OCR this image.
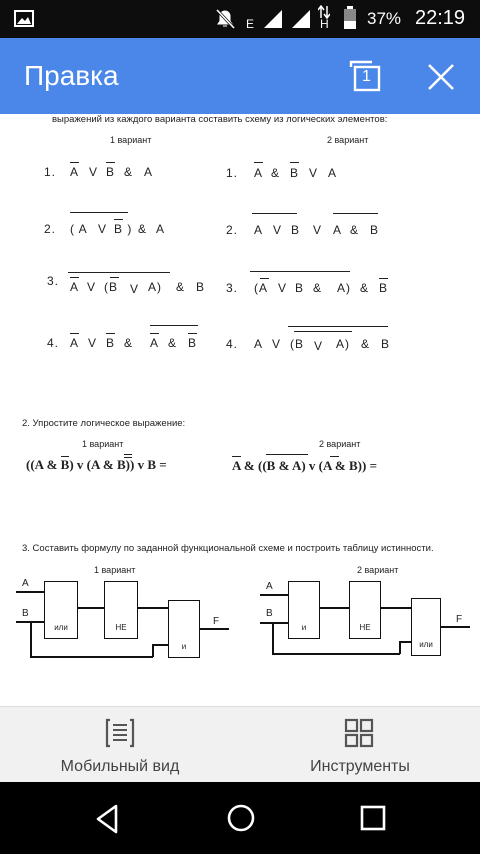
E	H 37% 22:19
Правка	1
выражений из каждого варианта составить схему из логических элементов:
1 вариант	2 вариант
1. A V B & A	1. A & B V A
2. ( A V B ) & A	2. A V B V A & B
3. A V (B V A) & B 3. (A V B & A) & B
4. A V B & A & B 4. A V (B V A) & B
2. Упростите логическое выражение:
1 вариант	2 вариант
((A & B) v (A & B)) v B =	A & ((B & A) v (A & B)) =
3. Составить формулу по заданной функциональной схеме и построить таблицу истинности.
1 вариант	2 вариант
A
B
или	НЕ
и
F
A
B
и	НЕ
или
F
Мобильный вид	Инструменты
